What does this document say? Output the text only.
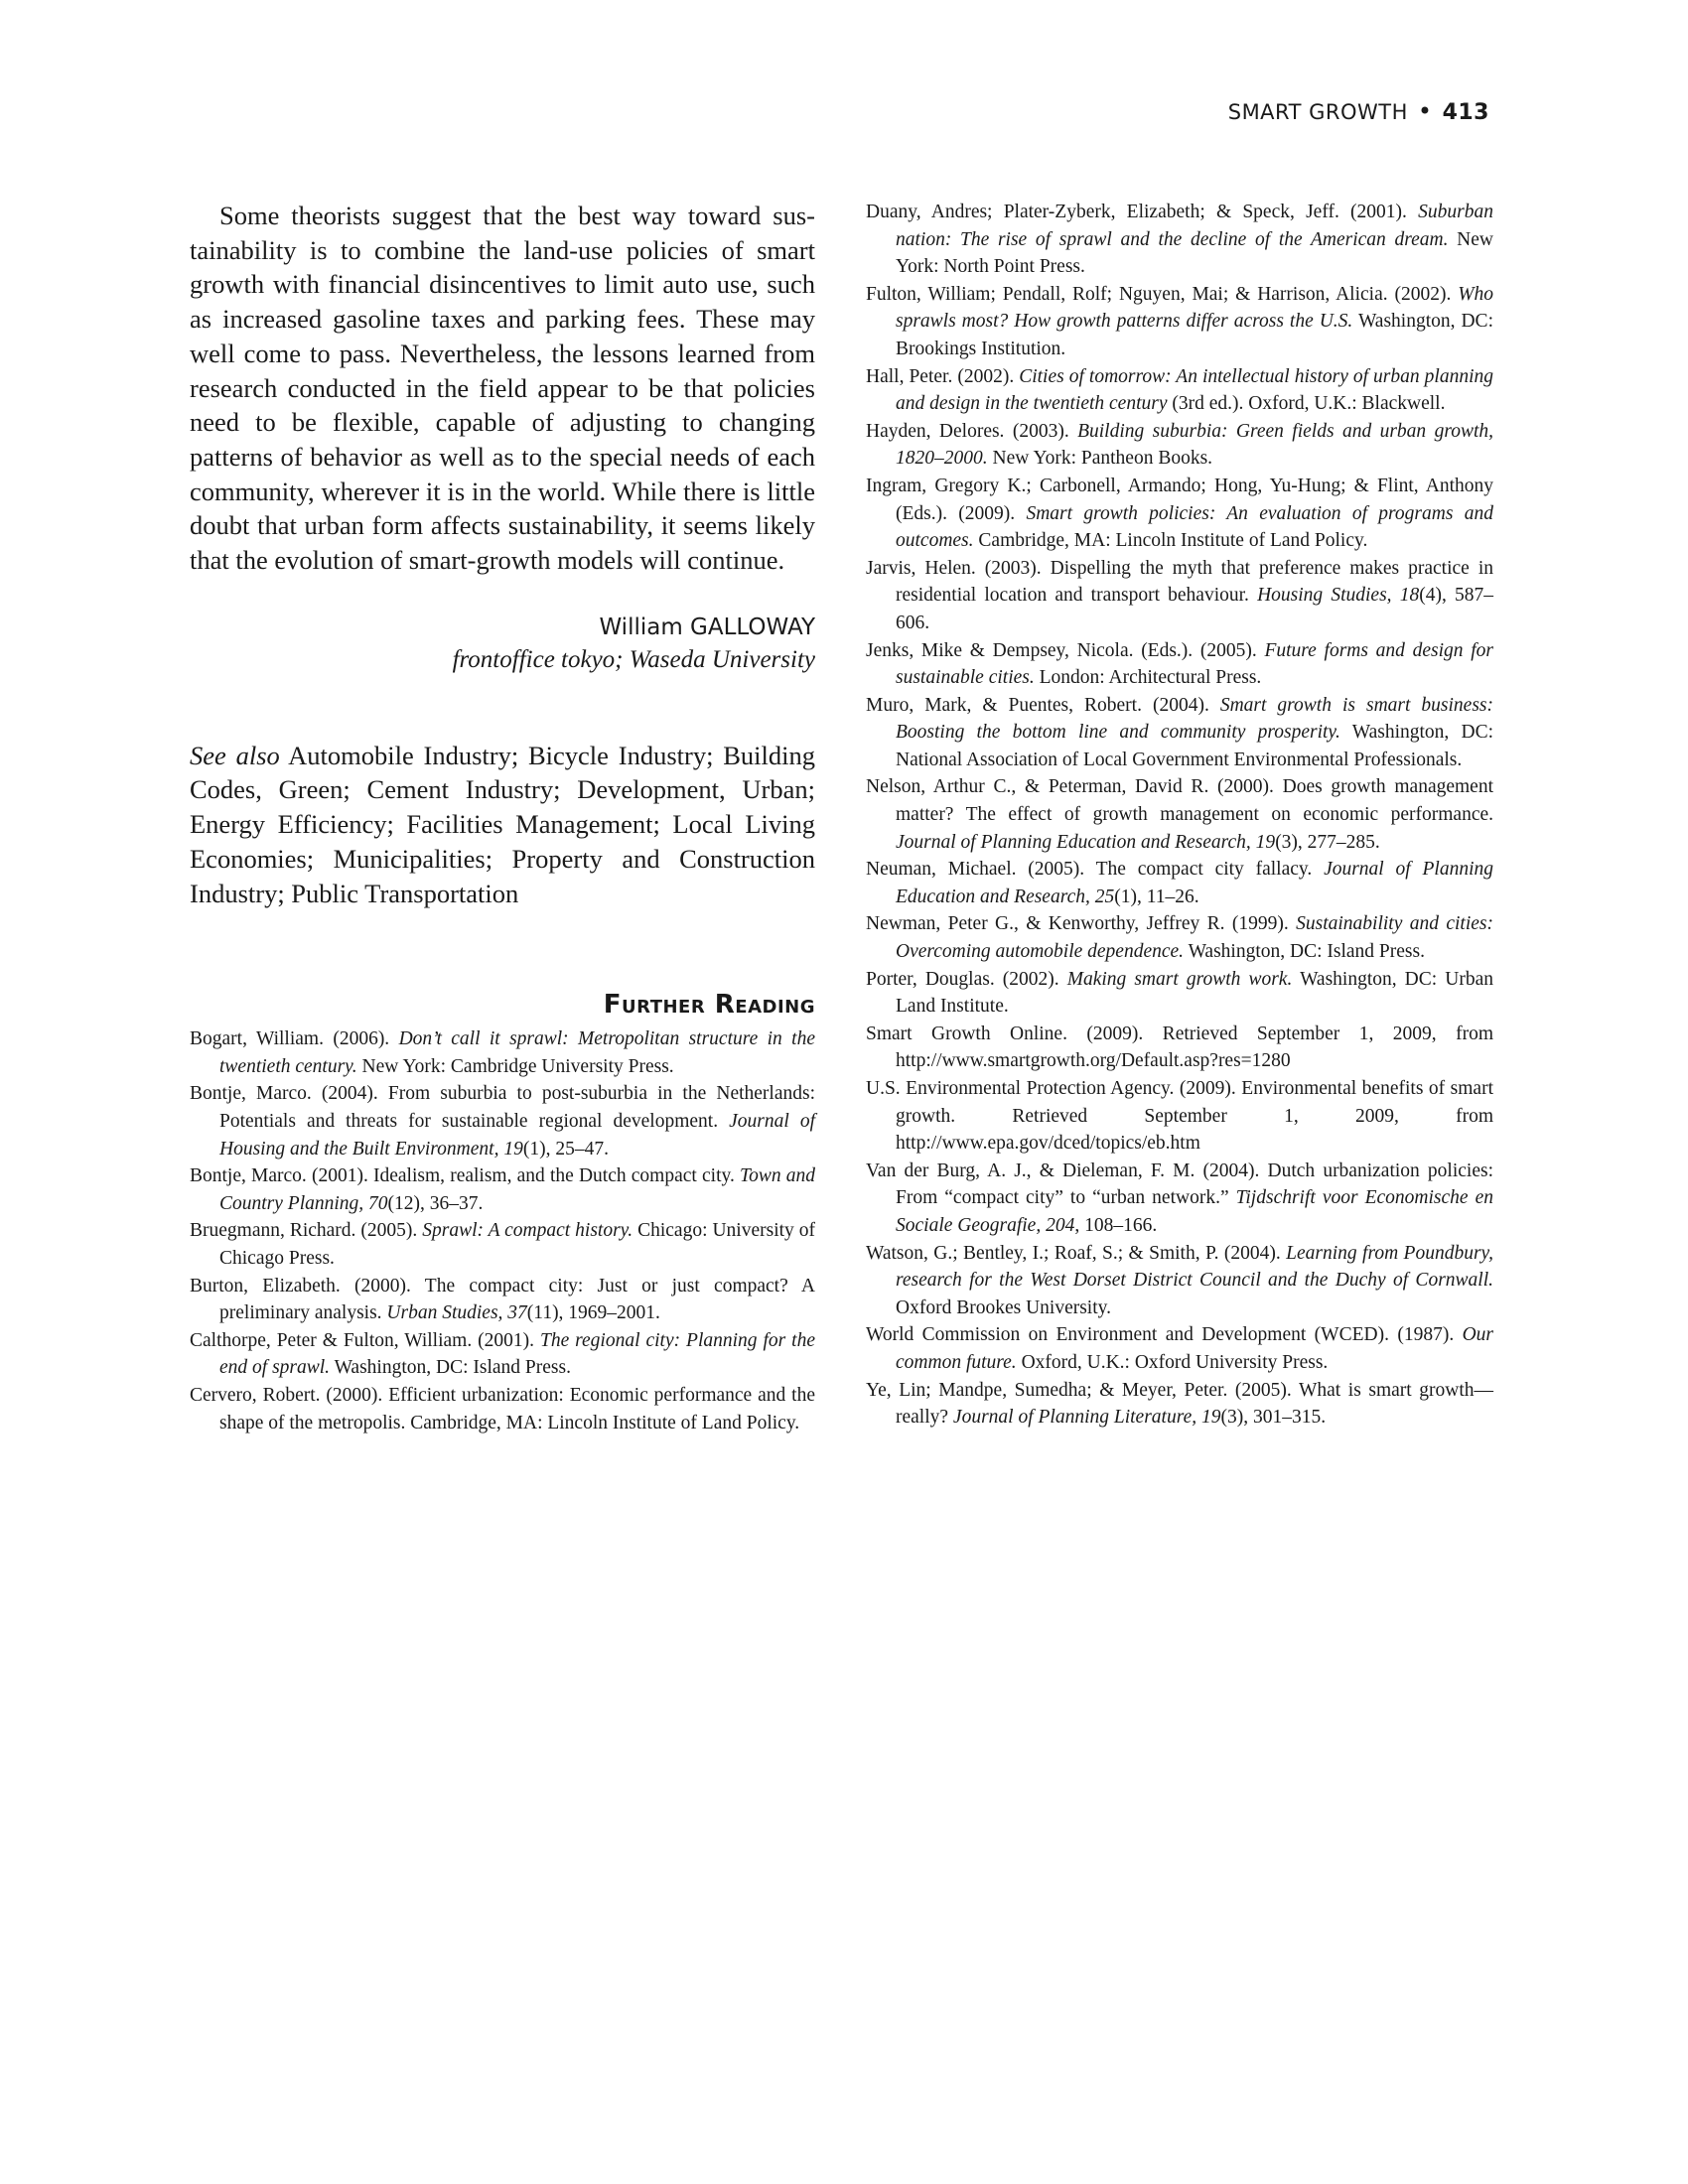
SMART GROWTH • 413

Some theorists suggest that the best way toward sustainability is to combine the land-use policies of smart growth with financial disincentives to limit auto use, such as increased gasoline taxes and parking fees. These may well come to pass. Nevertheless, the lessons learned from research conducted in the field appear to be that policies need to be flexible, capable of adjusting to changing patterns of behavior as well as to the special needs of each community, wherever it is in the world. While there is little doubt that urban form affects sustainability, it seems likely that the evolution of smart-growth models will continue.

William GALLOWAY
frontoffice tokyo; Waseda University

See also Automobile Industry; Bicycle Industry; Building Codes, Green; Cement Industry; Development, Urban; Energy Efficiency; Facilities Management; Local Living Economies; Municipalities; Property and Construction Industry; Public Transportation

Further Reading
Bogart, William. (2006). Don’t call it sprawl: Metropolitan structure in the twentieth century. New York: Cambridge University Press.
Bontje, Marco. (2004). From suburbia to post-suburbia in the Netherlands: Potentials and threats for sustainable regional development. Journal of Housing and the Built Environment, 19(1), 25–47.
Bontje, Marco. (2001). Idealism, realism, and the Dutch compact city. Town and Country Planning, 70(12), 36–37.
Bruegmann, Richard. (2005). Sprawl: A compact history. Chicago: University of Chicago Press.
Burton, Elizabeth. (2000). The compact city: Just or just compact? A preliminary analysis. Urban Studies, 37(11), 1969–2001.
Calthorpe, Peter & Fulton, William. (2001). The regional city: Planning for the end of sprawl. Washington, DC: Island Press.
Cervero, Robert. (2000). Efficient urbanization: Economic performance and the shape of the metropolis. Cambridge, MA: Lincoln Institute of Land Policy.
Duany, Andres; Plater-Zyberk, Elizabeth; & Speck, Jeff. (2001). Suburban nation: The rise of sprawl and the decline of the American dream. New York: North Point Press.
Fulton, William; Pendall, Rolf; Nguyen, Mai; & Harrison, Alicia. (2002). Who sprawls most? How growth patterns differ across the U.S. Washington, DC: Brookings Institution.
Hall, Peter. (2002). Cities of tomorrow: An intellectual history of urban planning and design in the twentieth century (3rd ed.). Oxford, U.K.: Blackwell.
Hayden, Delores. (2003). Building suburbia: Green fields and urban growth, 1820–2000. New York: Pantheon Books.
Ingram, Gregory K.; Carbonell, Armando; Hong, Yu-Hung; & Flint, Anthony (Eds.). (2009). Smart growth policies: An evaluation of programs and outcomes. Cambridge, MA: Lincoln Institute of Land Policy.
Jarvis, Helen. (2003). Dispelling the myth that preference makes practice in residential location and transport behaviour. Housing Studies, 18(4), 587–606.
Jenks, Mike & Dempsey, Nicola. (Eds.). (2005). Future forms and design for sustainable cities. London: Architectural Press.
Muro, Mark, & Puentes, Robert. (2004). Smart growth is smart business: Boosting the bottom line and community prosperity. Washington, DC: National Association of Local Government Environmental Professionals.
Nelson, Arthur C., & Peterman, David R. (2000). Does growth management matter? The effect of growth management on economic performance. Journal of Planning Education and Research, 19(3), 277–285.
Neuman, Michael. (2005). The compact city fallacy. Journal of Planning Education and Research, 25(1), 11–26.
Newman, Peter G., & Kenworthy, Jeffrey R. (1999). Sustainability and cities: Overcoming automobile dependence. Washington, DC: Island Press.
Porter, Douglas. (2002). Making smart growth work. Washington, DC: Urban Land Institute.
Smart Growth Online. (2009). Retrieved September 1, 2009, from http://www.smartgrowth.org/Default.asp?res=1280
U.S. Environmental Protection Agency. (2009). Environmental benefits of smart growth. Retrieved September 1, 2009, from http://www.epa.gov/dced/topics/eb.htm
Van der Burg, A. J., & Dieleman, F. M. (2004). Dutch urbanization policies: From “compact city” to “urban network.” Tijdschrift voor Economische en Sociale Geografie, 204, 108–166.
Watson, G.; Bentley, I.; Roaf, S.; & Smith, P. (2004). Learning from Poundbury, research for the West Dorset District Council and the Duchy of Cornwall. Oxford Brookes University.
World Commission on Environment and Development (WCED). (1987). Our common future. Oxford, U.K.: Oxford University Press.
Ye, Lin; Mandpe, Sumedha; & Meyer, Peter. (2005). What is smart growth—really? Journal of Planning Literature, 19(3), 301–315.
